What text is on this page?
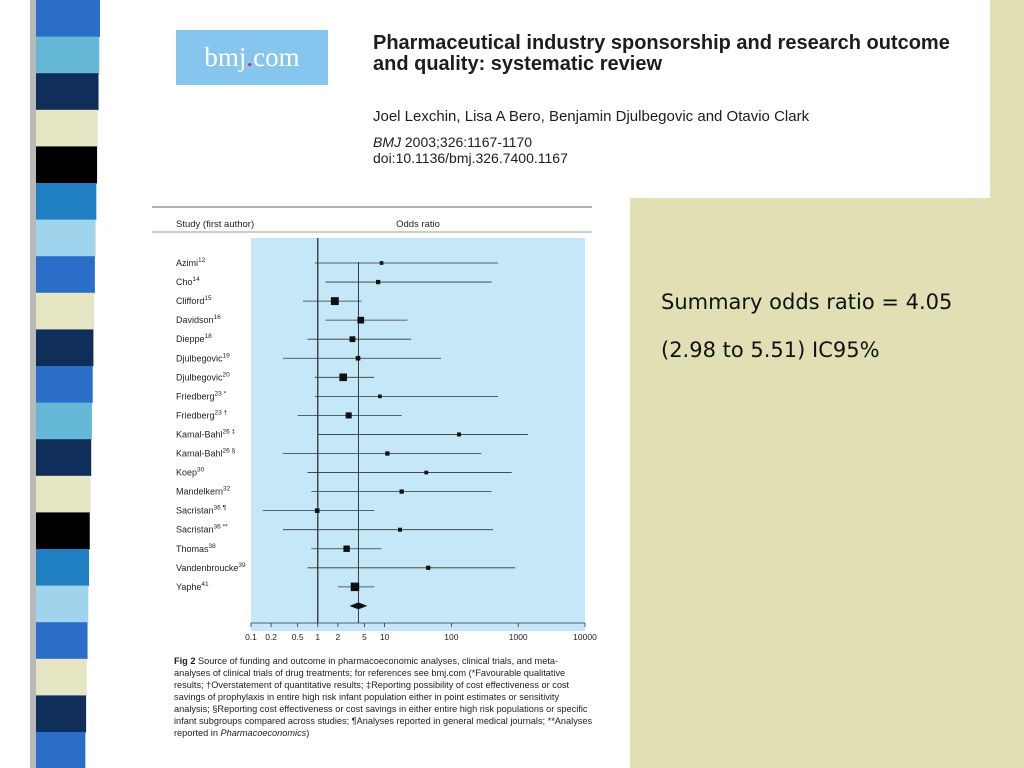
bmj . com	Pharmaceutical industry sponsorship and research outcome and quality: systematic review
Joel Lexchin, Lisa A Bero, Benjamin Djulbegovic and Otavio Clark
BMJ 2003;326:1167-1170
doi:10.1136/bmj.326.7400.1167
Study (first author)	Odds ratio
Azimi$^{12}$
Cho$^{14}$
Clifford$^{15}$
Davidson$^{16}$
Dieppe$^{18}$
Djulbegovic$^{19}$
Djulbegovic$^{20}$
Friedberg$^{23 *}$
Friedberg$^{23 \dagger}$
Kamal-Bahl$^{26 \ddagger}$
Kamal-Bahl$^{26 \S}$
Koep$^{30}$
Mandelkern$^{32}$
Sacristan$^{36 \P}$
Sacristan$^{36 **}$
Thomas$^{38}$
Vandenbroucke$^{39}$
Yaphe$^{41}$
0.1 0.2 0.5 1 2	5 10	100	1000	10000
Fig 2 Source of funding and outcome in pharmacoeconomic analyses, clinical trials, and meta-analyses of clinical trials of drug treatments; for references see bmj.com (*Favourable qualitative results; †Overstatement of quantitative results; ‡Reporting possibility of cost effectiveness or cost savings of prophylaxis in entire high risk infant population either in point estimates or sensitivity analysis; §Reporting cost effectiveness or cost savings in either entire high risk populations or specific infant subgroups compared across studies; ¶Analyses reported in general medical journals; **Analyses reported in Pharmacoeconomics)
Summary odds ratio = 4.05
(2.98 to 5.51) IC95%
